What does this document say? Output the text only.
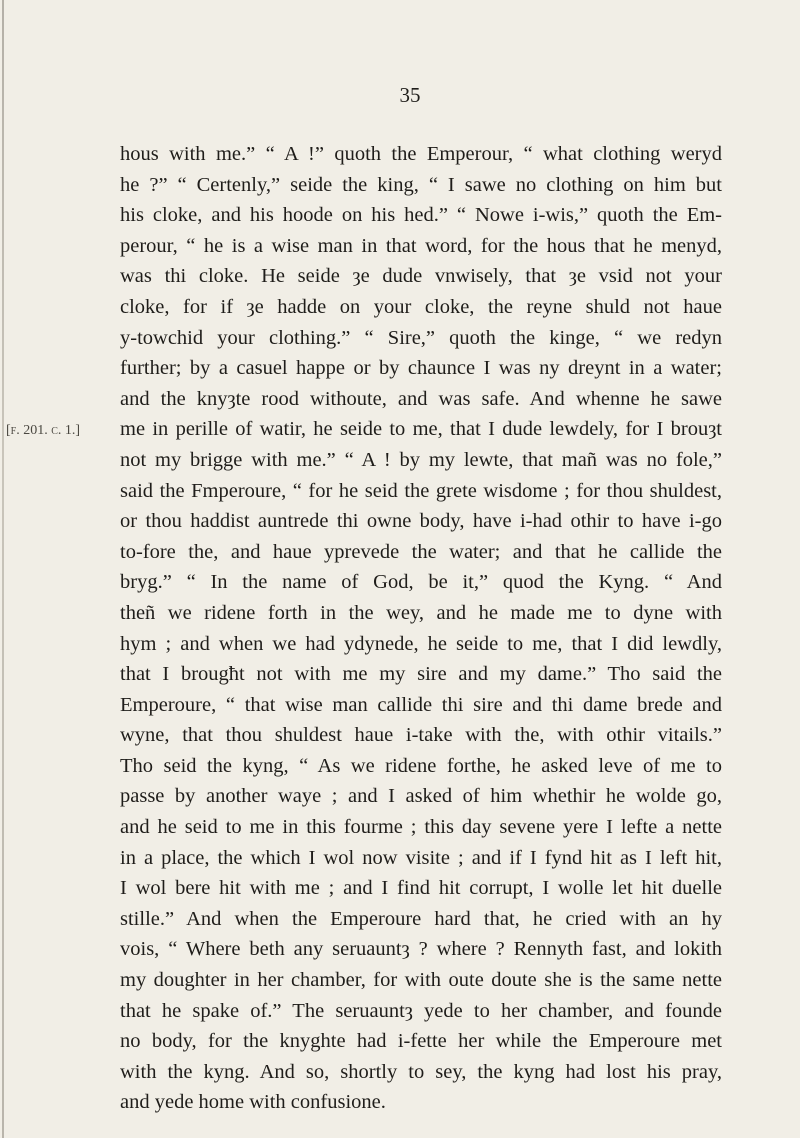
35
[f. 201. c. 1.]
hous with me.” “ A !” quoth the Emperour, “ what clothing weryd
he ?” “ Certenly,” seide the king, “ I sawe no clothing on him but
his cloke, and his hoode on his hed.” “ Nowe i-wis,” quoth the Em-
perour, “ he is a wise man in that word, for the hous that he menyd,
was thi cloke. He seide ȝe dude vnwisely, that ȝe vsid not your
cloke, for if ȝe hadde on your cloke, the reyne shuld not haue
y-towchid your clothing.” “ Sire,” quoth the kinge, “ we redyn
further; by a casuel happe or by chaunce I was ny dreynt in a water;
and the knyȝte rood withoute, and was safe. And whenne he sawe
me in perille of watir, he seide to me, that I dude lewdely, for I brouȝt
not my brigge with me.” “ A ! by my lewte, that mañ was no fole,”
said the Fmperoure, “ for he seid the grete wisdome ; for thou shuldest,
or thou haddist auntrede thi owne body, have i-had othir to have i-go
to-fore the, and haue yprevede the water; and that he callide the
bryg.” “ In the name of God, be it,” quod the Kyng. “ And
theñ we ridene forth in the wey, and he made me to dyne with
hym ; and when we had ydynede, he seide to me, that I did lewdly,
that I brougħt not with me my sire and my dame.” Tho said the
Emperoure, “ that wise man callide thi sire and thi dame brede and
wyne, that thou shuldest haue i-take with the, with othir vitails.”
Tho seid the kyng, “ As we ridene forthe, he asked leve of me to
passe by another waye ; and I asked of him whethir he wolde go,
and he seid to me in this fourme ; this day sevene yere I lefte a nette
in a place, the which I wol now visite ; and if I fynd hit as I left hit,
I wol bere hit with me ; and I find hit corrupt, I wolle let hit duelle
stille.” And when the Emperoure hard that, he cried with an hy
vois, “ Where beth any seruauntȝ ? where ? Rennyth fast, and lokith
my doughter in her chamber, for with oute doute she is the same nette
that he spake of.” The seruauntȝ yede to her chamber, and founde
no body, for the knyghte had i-fette her while the Emperoure met
with the kyng. And so, shortly to sey, the kyng had lost his pray,
and yede home with confusione.
